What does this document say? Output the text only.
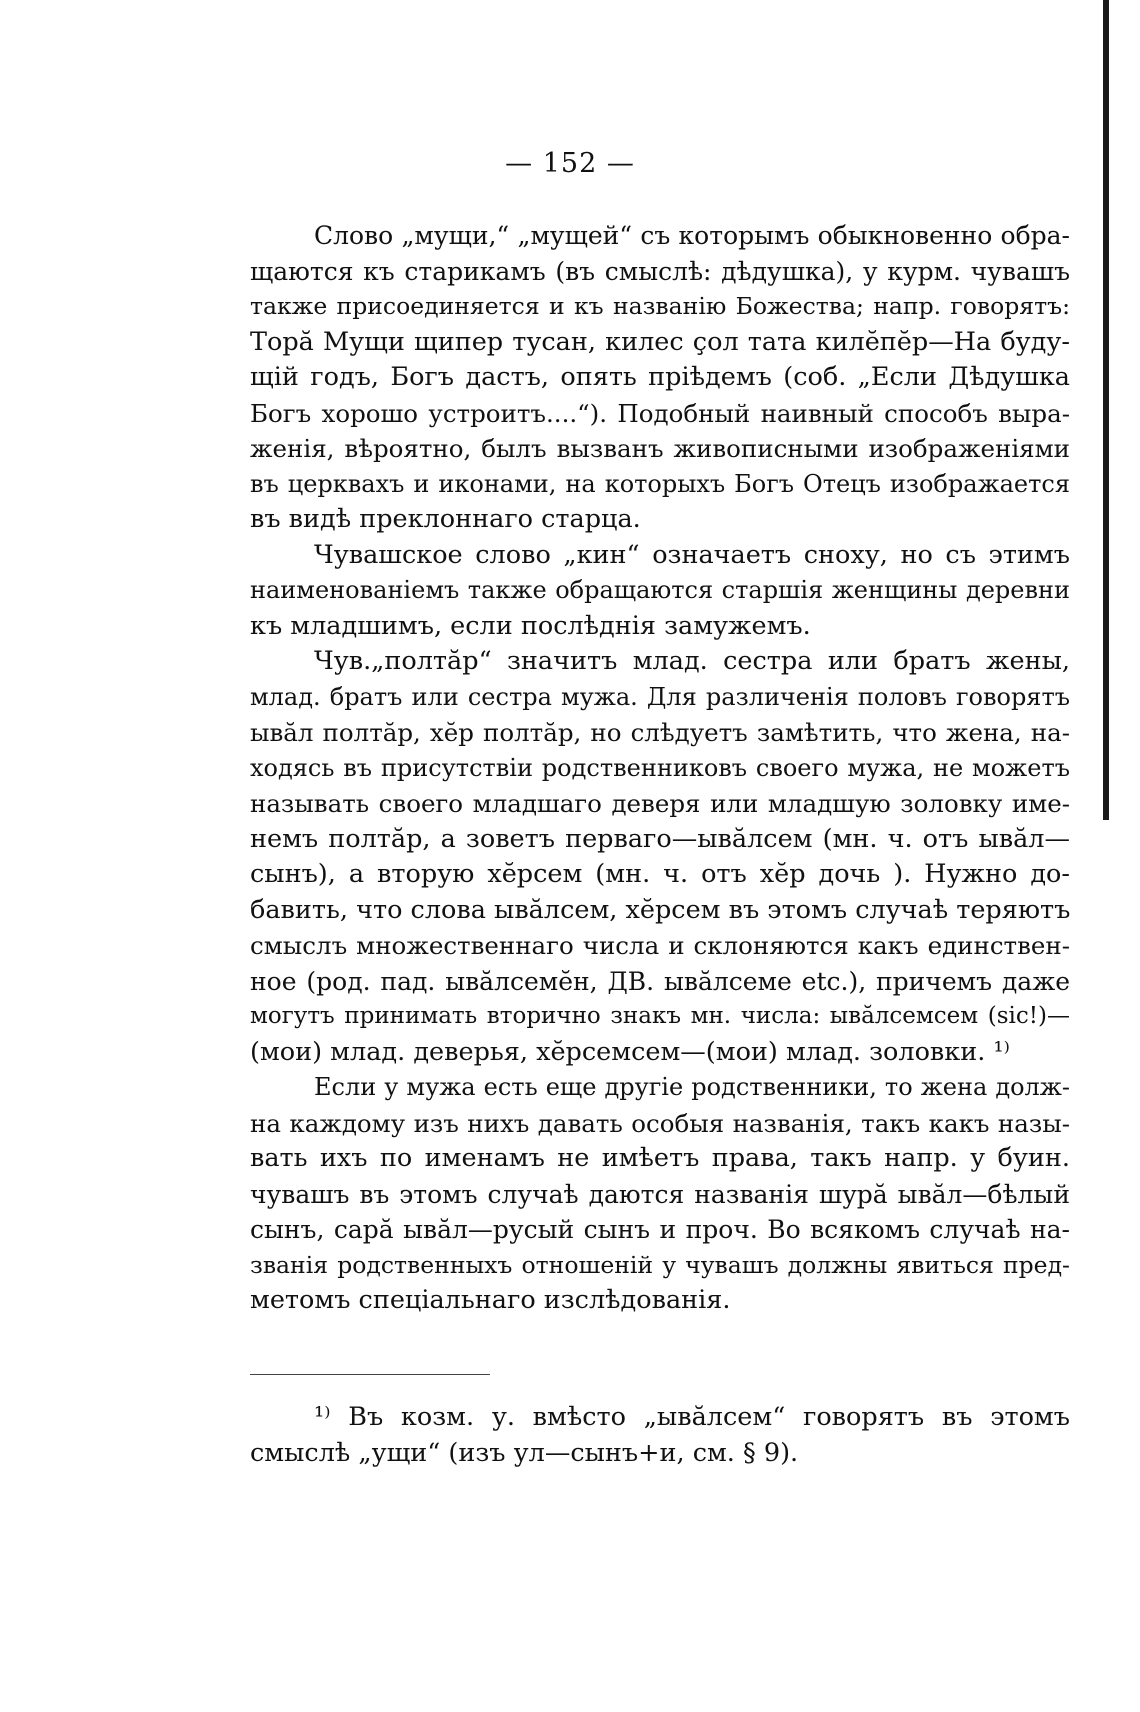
— 152 —
Слово „мущи,“ „мущей“ съ которымъ обыкновенно обра-
щаются къ старикамъ (въ смыслѣ: дѣдушка), у курм. чувашъ
также присоединяется и къ названію Божества; напр. говорятъ:
Торă Мущи щипер тусан, килес çол тата килĕпĕр—На буду-
щій годъ, Богъ дастъ, опять пріѣдемъ (соб. „Если Дѣдушка
Богъ хорошо устроитъ....“). Подобный наивный способъ выра-
женія, вѣроятно, былъ вызванъ живописными изображеніями
въ церквахъ и иконами, на которыхъ Богъ Отецъ изображается
въ видѣ преклоннаго старца.
Чувашское слово „кин“ означаетъ сноху, но съ этимъ
наименованіемъ также обращаются старшія женщины деревни
къ младшимъ, если послѣднія замужемъ.
Чув.„полтăр“ значитъ млад. сестра или братъ жены,
млад. братъ или сестра мужа. Для различенія половъ говорятъ
ывăл полтăр, хĕр полтăр, но слѣдуетъ замѣтить, что жена, на-
ходясь въ присутствіи родственниковъ своего мужа, не можетъ
называть своего младшаго деверя или младшую золовку име-
немъ полтăр, а зоветъ перваго—ывăлсем (мн. ч. отъ ывăл—
сынъ), а вторую хĕрсем (мн. ч. отъ хĕр дочь ). Нужно до-
бавить, что слова ывăлсем, хĕрсем въ этомъ случаѣ теряютъ
смыслъ множественнаго числа и склоняются какъ единствен-
ное (род. пад. ывăлсемĕн, ДВ. ывăлсеме etc.), причемъ даже
могутъ принимать вторично знакъ мн. числа: ывăлсемсем (sic!)—
(мои) млад. деверья, хĕрсемсем—(мои) млад. золовки. ¹⁾
Если у мужа есть еще другіе родственники, то жена долж-
на каждому изъ нихъ давать особыя названія, такъ какъ назы-
вать ихъ по именамъ не имѣетъ права, такъ напр. у буин.
чувашъ въ этомъ случаѣ даются названія шурă ывăл—бѣлый
сынъ, сарă ывăл—русый сынъ и проч. Во всякомъ случаѣ на-
званія родственныхъ отношеній у чувашъ должны явиться пред-
метомъ спеціальнаго изслѣдованія.
¹⁾ Въ козм. у. вмѣсто „ывăлсем“ говорятъ въ этомъ
смыслѣ „ущи“ (изъ ул—сынъ+и, см. § 9).
